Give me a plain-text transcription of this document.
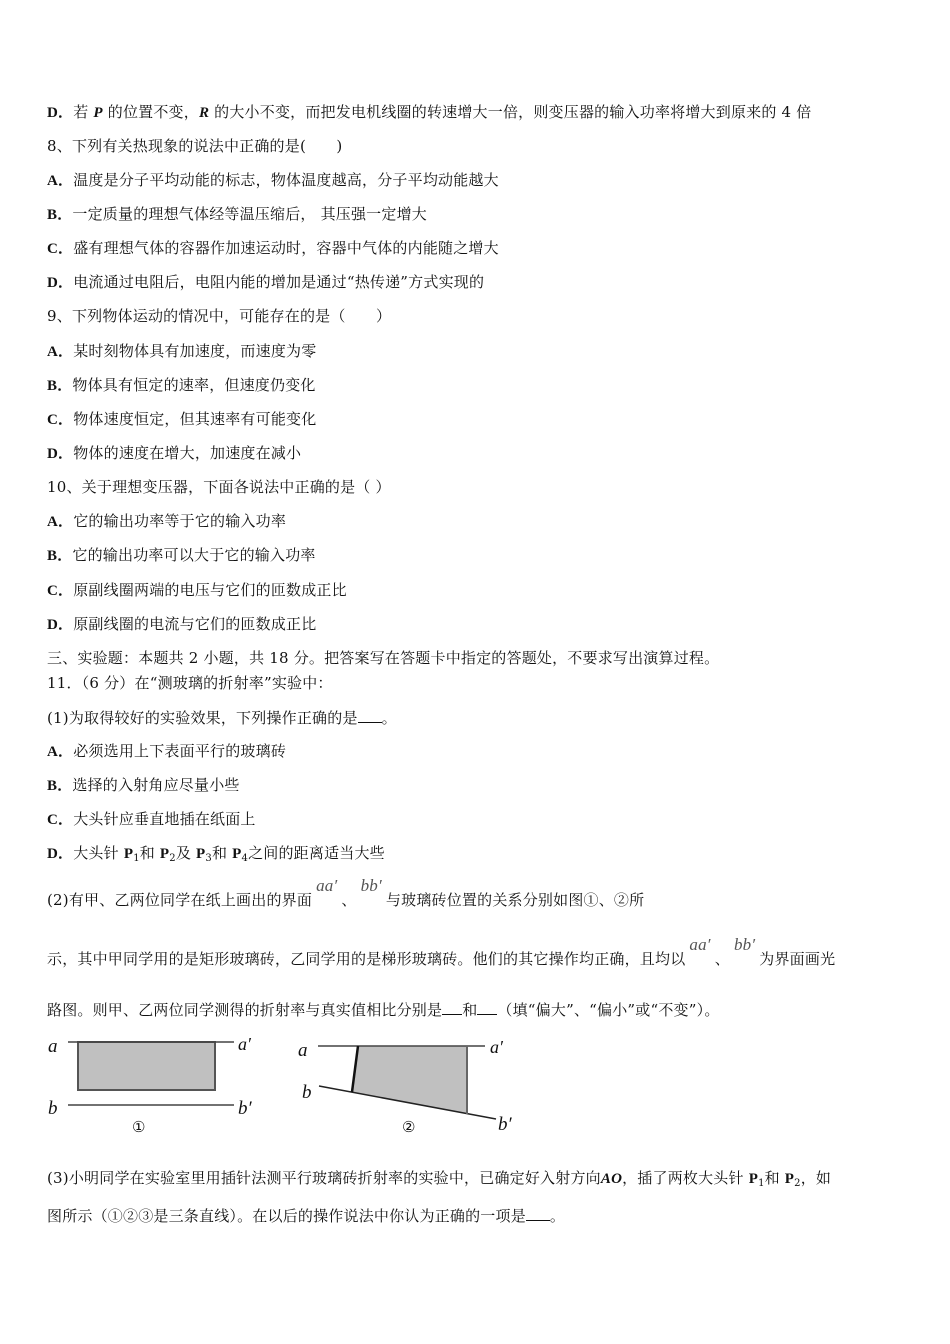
D．若 P 的位置不变，R 的大小不变，而把发电机线圈的转速增大一倍，则变压器的输入功率将增大到原来的 4 倍
8、下列有关热现象的说法中正确的是(　　)
A．温度是分子平均动能的标志，物体温度越高，分子平均动能越大
B．一定质量的理想气体经等温压缩后， 其压强一定增大
C．盛有理想气体的容器作加速运动时，容器中气体的内能随之增大
D．电流通过电阻后，电阻内能的增加是通过“热传递”方式实现的
9、下列物体运动的情况中，可能存在的是（　　）
A．某时刻物体具有加速度，而速度为零
B．物体具有恒定的速率，但速度仍变化
C．物体速度恒定，但其速率有可能变化
D．物体的速度在增大，加速度在减小
10、关于理想变压器，下面各说法中正确的是（ ）
A．它的输出功率等于它的输入功率
B．它的输出功率可以大于它的输入功率
C．原副线圈两端的电压与它们的匝数成正比
D．原副线圈的电流与它们的匝数成正比
三、实验题：本题共 2 小题，共 18 分。把答案写在答题卡中指定的答题处，不要求写出演算过程。
11．（6 分）在“测玻璃的折射率”实验中：
(1)为取得较好的实验效果，下列操作正确的是 。
A．必须选用上下表面平行的玻璃砖
B．选择的入射角应尽量小些
C．大头针应垂直地插在纸面上
D．大头针 $P_1$和 $P_2$及 $P_3$和 $P_4$之间的距离适当大些
(2)有甲、乙两位同学在纸上画出的界面aa′、bb′与玻璃砖位置的关系分别如图①、②所
示，其中甲同学用的是矩形玻璃砖，乙同学用的是梯形玻璃砖。他们的其它操作均正确，且均以aa′、bb′为界面画光
路图。则甲、乙两位同学测得的折射率与真实值相比分别是 和 （填“偏大”、“偏小”或“不变”）。
a	a′
b	b′
①
a	a′
b
b′
②
(3)小明同学在实验室里用插针法测平行玻璃砖折射率的实验中，已确定好入射方向AO，插了两枚大头针 $P_1$和 $P_2$，如
图所示（①②③是三条直线）。在以后的操作说法中你认为正确的一项是 。
